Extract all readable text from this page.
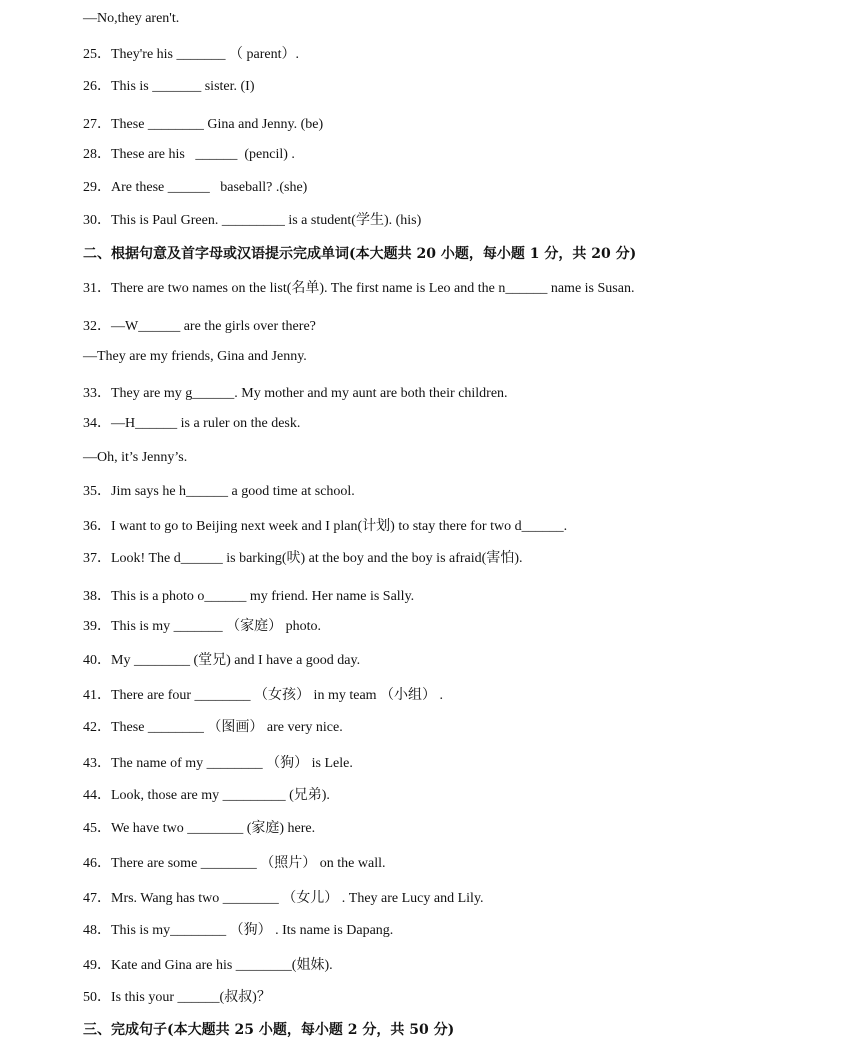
—No,they aren't.
25．They're his _______ （ parent）.
26．This is _______ sister. (I)
27．These ________ Gina and Jenny. (be)
28．These are his   ______  (pencil) .
29．Are these ______   baseball? .(she)
30．This is Paul Green. _________ is a student(学生). (his)
二、根据句意及首字母或汉语提示完成单词(本大题共 20 小题，每小题 1 分，共 20 分)
31．There are two names on the list(名单). The first name is Leo and the n______ name is Susan.
32．—W______ are the girls over there?
—They are my friends, Gina and Jenny.
33．They are my g______. My mother and my aunt are both their children.
34．—H______ is a ruler on the desk.
—Oh, it’s Jenny’s.
35．Jim says he h______ a good time at school.
36．I want to go to Beijing next week and I plan(计划) to stay there for two d______.
37．Look! The d______ is barking(吠) at the boy and the boy is afraid(害怕).
38．This is a photo o______ my friend. Her name is Sally.
39．This is my _______ （家庭） photo.
40．My ________ (堂兄) and I have a good day.
41．There are four ________ （女孩） in my team （小组） .
42．These ________ （图画） are very nice.
43．The name of my ________ （狗） is Lele.
44．Look, those are my _________ (兄弟).
45．We have two ________ (家庭) here.
46．There are some ________ （照片） on the wall.
47．Mrs. Wang has two ________ （女儿） . They are Lucy and Lily.
48．This is my________ （狗） . Its name is Dapang.
49．Kate and Gina are his ________(姐妹).
50．Is this your ______(叔叔)？
三、完成句子(本大题共 25 小题，每小题 2 分，共 50 分)
